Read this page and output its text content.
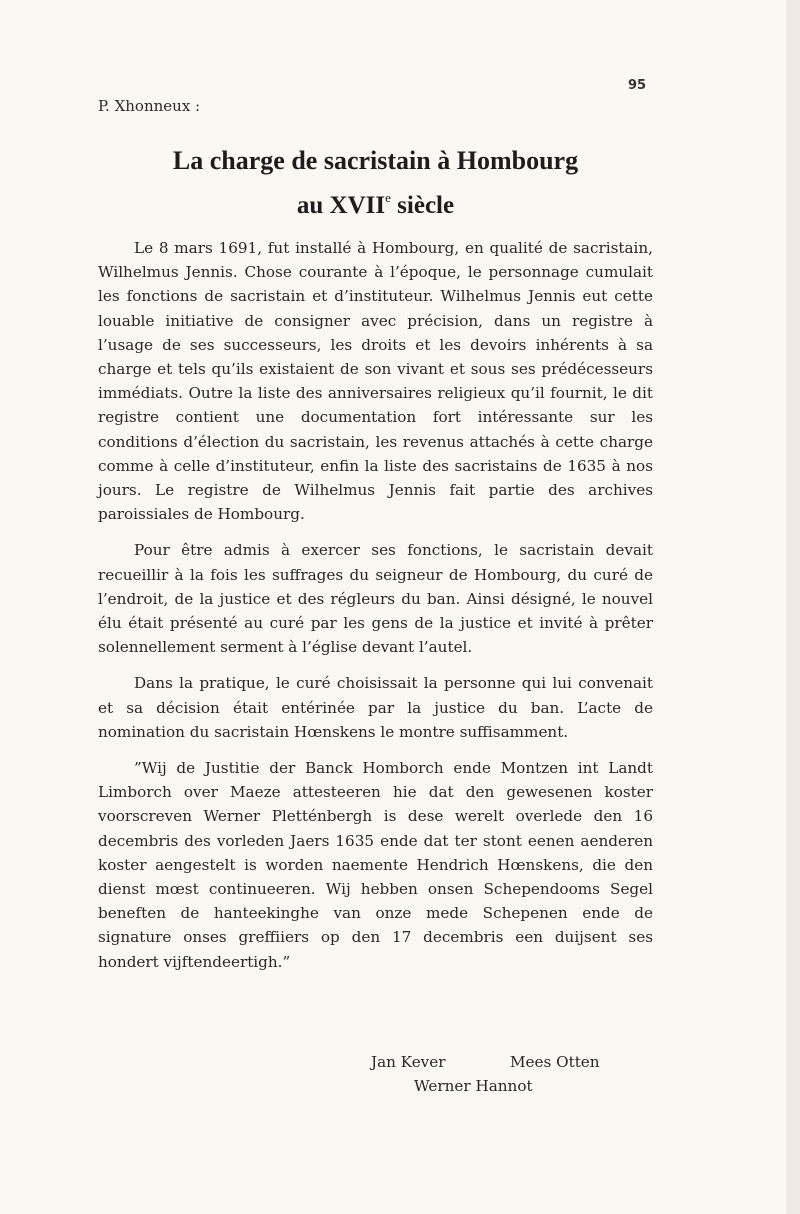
95
P. Xhonneux :
La charge de sacristain à Hombourg
au XVIIe siècle

Le 8 mars 1691, fut installé à Hombourg, en qualité de sacristain, Wilhelmus Jennis. Chose courante à l’époque, le personnage cumulait les fonctions de sacristain et d’instituteur. Wilhelmus Jennis eut cette louable initiative de consigner avec précision, dans un registre à l’usage de ses successeurs, les droits et les devoirs inhérents à sa charge et tels qu’ils existaient de son vivant et sous ses prédécesseurs immédiats. Outre la liste des anniversaires religieux qu’il fournit, le dit registre contient une documentation fort intéressante sur les conditions d’élection du sacristain, les revenus attachés à cette charge comme à celle d’instituteur, enfin la liste des sacristains de 1635 à nos jours. Le registre de Wilhelmus Jennis fait partie des archives paroissiales de Hombourg.

Pour être admis à exercer ses fonctions, le sacristain devait recueillir à la fois les suffrages du seigneur de Hombourg, du curé de l’endroit, de la justice et des régleurs du ban. Ainsi désigné, le nouvel élu était présenté au curé par les gens de la justice et invité à prêter solennellement serment à l’église devant l’autel.

Dans la pratique, le curé choisissait la personne qui lui convenait et sa décision était entérinée par la justice du ban. L’acte de nomination du sacristain Hœnskens le montre suffisamment.

”Wij de Justitie der Banck Homborch ende Montzen int Landt Limborch over Maeze attesteeren hie dat den gewesenen koster voorscreven Werner Pletténbergh is dese werelt overlede den 16 decembris des vorleden Jaers 1635 ende dat ter stont eenen aenderen koster aengestelt is worden naemente Hendrich Hœnskens, die den dienst mœst continueeren. Wij hebben onsen Schependooms Segel beneften de hanteekinghe van onze mede Schepenen ende de signature onses greffiiers op den 17 decembris een duijsent ses hondert vijftendeertigh.”

Jan Kever	Mees Otten
Werner Hannot
